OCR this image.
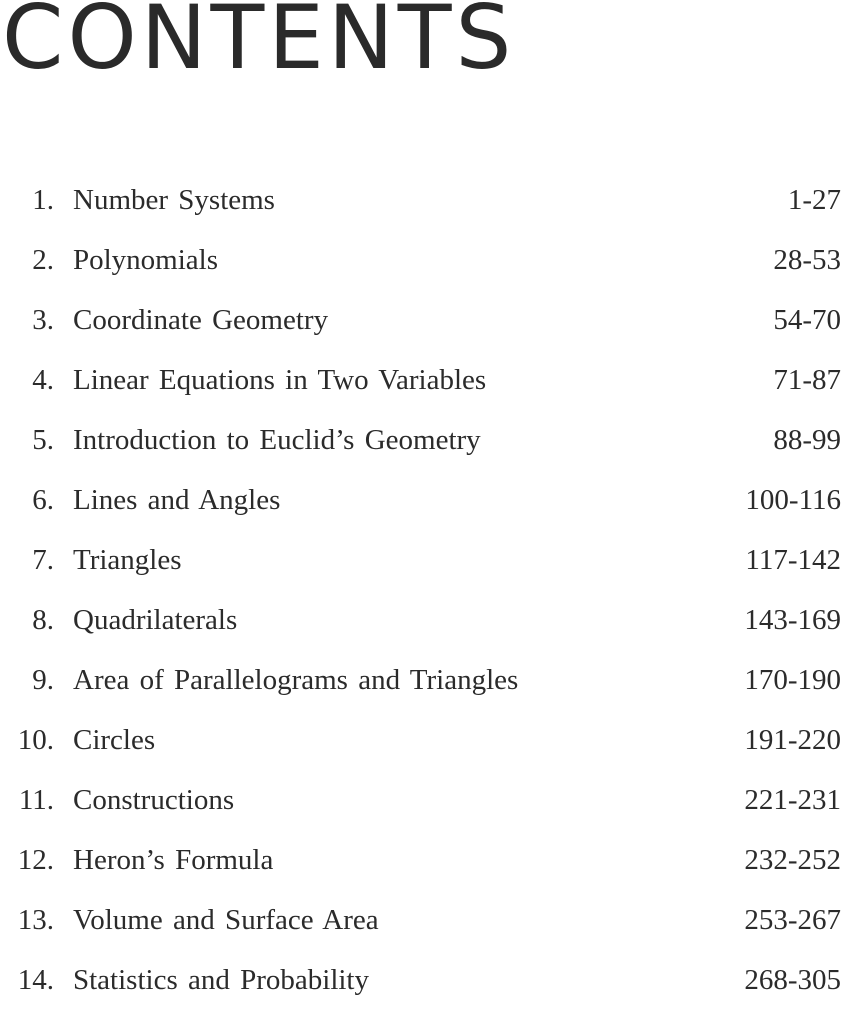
CONTENTS
1. Number Systems	1-27
2. Polynomials	28-53
3. Coordinate Geometry	54-70
4. Linear Equations in Two Variables	71-87
5. Introduction to Euclid’s Geometry	88-99
6. Lines and Angles	100-116
7. Triangles	117-142
8. Quadrilaterals	143-169
9. Area of Parallelograms and Triangles	170-190
10. Circles	191-220
11. Constructions	221-231
12. Heron’s Formula	232-252
13. Volume and Surface Area	253-267
14. Statistics and Probability	268-305
